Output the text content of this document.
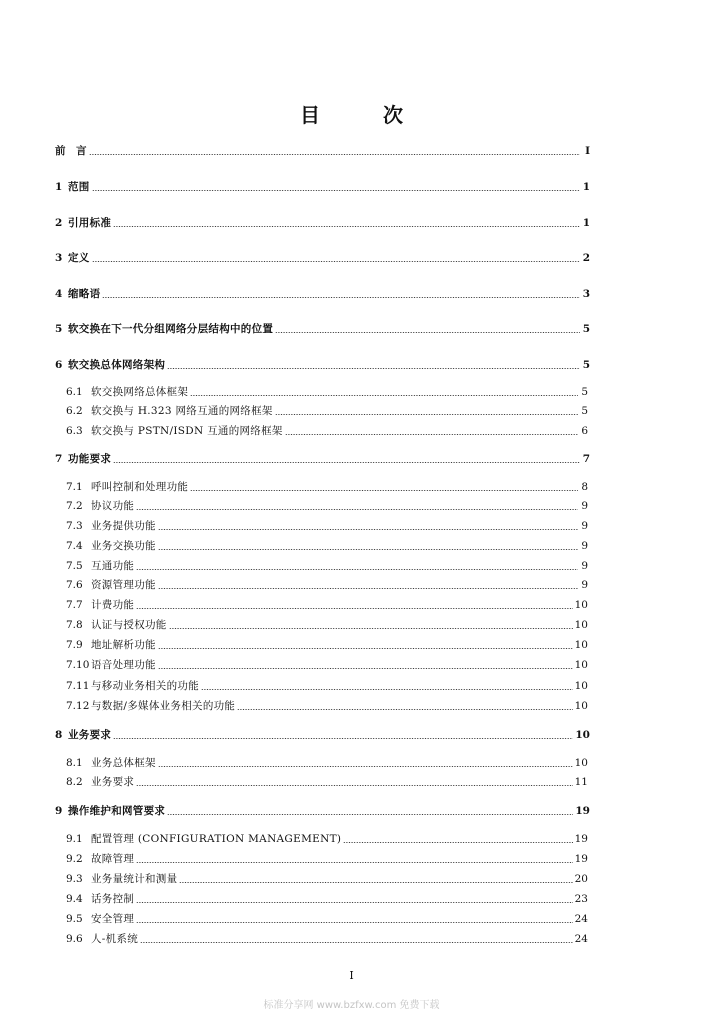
目 次
前　言	I
1 范围	1
2 引用标准	1
3 定义	2
4 缩略语	3
5 软交换在下一代分组网络分层结构中的位置	5
6 软交换总体网络架构	5
6.1 软交换网络总体框架	5
6.2 软交换与 H.323 网络互通的网络框架	5
6.3 软交换与 PSTN/ISDN 互通的网络框架	6
7 功能要求	7
7.1 呼叫控制和处理功能	8
7.2 协议功能	9
7.3 业务提供功能	9
7.4 业务交换功能	9
7.5 互通功能	9
7.6 资源管理功能	9
7.7 计费功能	10
7.8 认证与授权功能	10
7.9 地址解析功能	10
7.10 语音处理功能	10
7.11 与移动业务相关的功能	10
7.12 与数据/多媒体业务相关的功能	10
8 业务要求	10
8.1 业务总体框架	10
8.2 业务要求	11
9 操作维护和网管要求	19
9.1 配置管理 (CONFIGURATION MANAGEMENT)	19
9.2 故障管理	19
9.3 业务量统计和测量	20
9.4 话务控制	23
9.5 安全管理	24
9.6 人-机系统	24
I
标准分享网 www.bzfxw.com 免费下载
